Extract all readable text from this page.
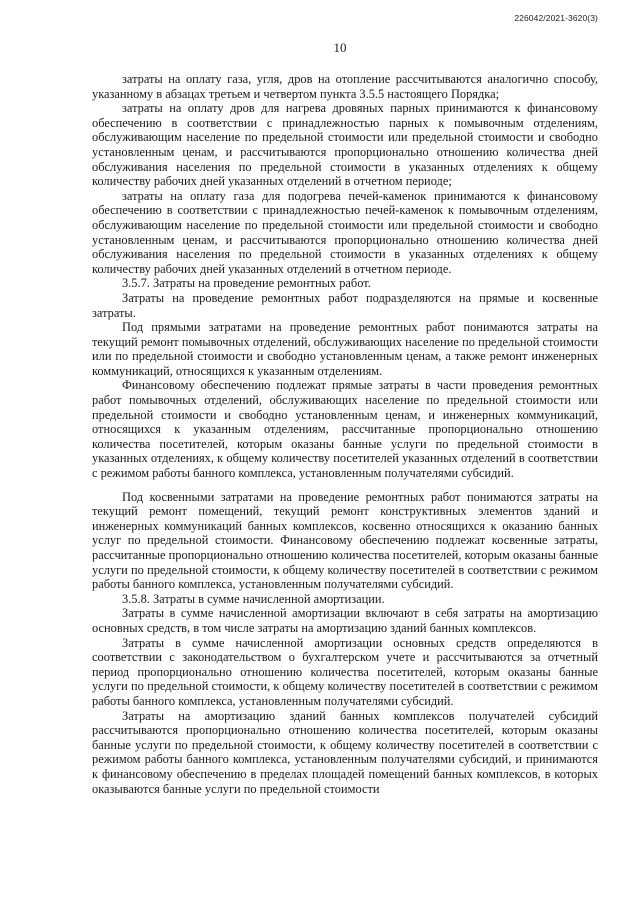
226042/2021-3620(3)
10

затраты на оплату газа, угля, дров на отопление рассчитываются аналогично способу, указанному в абзацах третьем и четвертом пункта 3.5.5 настоящего Порядка;

затраты на оплату дров для нагрева дровяных парных принимаются к финансовому обеспечению в соответствии с принадлежностью парных к помывочным отделениям, обслуживающим население по предельной стоимости или предельной стоимости и свободно установленным ценам, и рассчитываются пропорционально отношению количества дней обслуживания населения по предельной стоимости в указанных отделениях к общему количеству рабочих дней указанных отделений в отчетном периоде;

затраты на оплату газа для подогрева печей-каменок принимаются к финансовому обеспечению в соответствии с принадлежностью печей-каменок к помывочным отделениям, обслуживающим население по предельной стоимости или предельной стоимости и свободно установленным ценам, и рассчитываются пропорционально отношению количества дней обслуживания населения по предельной стоимости в указанных отделениях к общему количеству рабочих дней указанных отделений в отчетном периоде.

3.5.7. Затраты на проведение ремонтных работ.

Затраты на проведение ремонтных работ подразделяются на прямые и косвенные затраты.

Под прямыми затратами на проведение ремонтных работ понимаются затраты на текущий ремонт помывочных отделений, обслуживающих население по предельной стоимости или по предельной стоимости и свободно установленным ценам, а также ремонт инженерных коммуникаций, относящихся к указанным отделениям.

Финансовому обеспечению подлежат прямые затраты в части проведения ремонтных работ помывочных отделений, обслуживающих население по предельной стоимости или предельной стоимости и свободно установленным ценам, и инженерных коммуникаций, относящихся к указанным отделениям, рассчитанные пропорционально отношению количества посетителей, которым оказаны банные услуги по предельной стоимости в указанных отделениях, к общему количеству посетителей указанных отделений в соответствии с режимом работы банного комплекса, установленным получателями субсидий.

Под косвенными затратами на проведение ремонтных работ понимаются затраты на текущий ремонт помещений, текущий ремонт конструктивных элементов зданий и инженерных коммуникаций банных комплексов, косвенно относящихся к оказанию банных услуг по предельной стоимости. Финансовому обеспечению подлежат косвенные затраты, рассчитанные пропорционально отношению количества посетителей, которым оказаны банные услуги по предельной стоимости, к общему количеству посетителей в соответствии с режимом работы банного комплекса, установленным получателями субсидий.

3.5.8. Затраты в сумме начисленной амортизации.

Затраты в сумме начисленной амортизации включают в себя затраты на амортизацию основных средств, в том числе затраты на амортизацию зданий банных комплексов.

Затраты в сумме начисленной амортизации основных средств определяются в соответствии с законодательством о бухгалтерском учете и рассчитываются за отчетный период пропорционально отношению количества посетителей, которым оказаны банные услуги по предельной стоимости, к общему количеству посетителей в соответствии с режимом работы банного комплекса, установленным получателями субсидий.

Затраты на амортизацию зданий банных комплексов получателей субсидий рассчитываются пропорционально отношению количества посетителей, которым оказаны банные услуги по предельной стоимости, к общему количеству посетителей в соответствии с режимом работы банного комплекса, установленным получателями субсидий, и принимаются к финансовому обеспечению в пределах площадей помещений банных комплексов, в которых оказываются банные услуги по предельной стоимости
